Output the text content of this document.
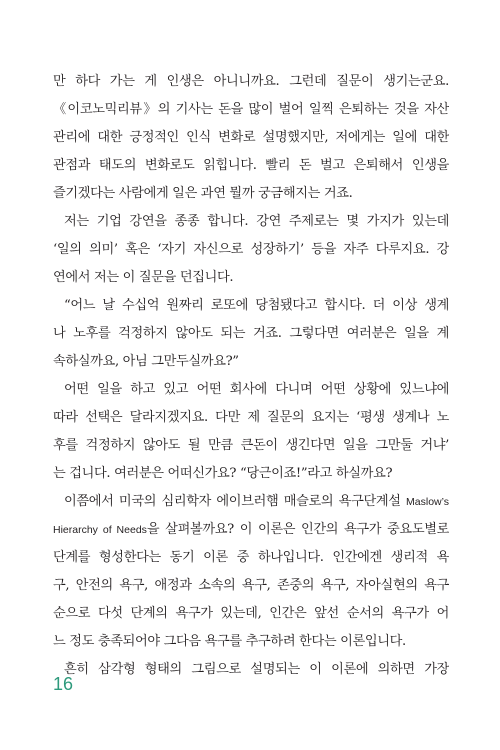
만 하다 가는 게 인생은 아니니까요. 그런데 질문이 생기는군요.
《이코노믹리뷰》의 기사는 돈을 많이 벌어 일찍 은퇴하는 것을 자산
관리에 대한 긍정적인 인식 변화로 설명했지만, 저에게는 일에 대한
관점과 태도의 변화로도 읽힙니다. 빨리 돈 벌고 은퇴해서 인생을
즐기겠다는 사람에게 일은 과연 뭘까 궁금해지는 거죠.
저는 기업 강연을 종종 합니다. 강연 주제로는 몇 가지가 있는데
‘일의 의미’ 혹은 ‘자기 자신으로 성장하기’ 등을 자주 다루지요. 강
연에서 저는 이 질문을 던집니다.
“어느 날 수십억 원짜리 로또에 당첨됐다고 합시다. 더 이상 생계
나 노후를 걱정하지 않아도 되는 거죠. 그렇다면 여러분은 일을 계
속하실까요, 아님 그만두실까요?”
어떤 일을 하고 있고 어떤 회사에 다니며 어떤 상황에 있느냐에
따라 선택은 달라지겠지요. 다만 제 질문의 요지는 ‘평생 생계나 노
후를 걱정하지 않아도 될 만큼 큰돈이 생긴다면 일을 그만둘 거냐’
는 겁니다. 여러분은 어떠신가요? “당근이죠!”라고 하실까요?
이쯤에서 미국의 심리학자 에이브러햄 매슬로의 욕구단계설 Maslow’s
Hierarchy of Needs을 살펴볼까요? 이 이론은 인간의 욕구가 중요도별로
단계를 형성한다는 동기 이론 중 하나입니다. 인간에겐 생리적 욕
구, 안전의 욕구, 애정과 소속의 욕구, 존중의 욕구, 자아실현의 욕구
순으로 다섯 단계의 욕구가 있는데, 인간은 앞선 순서의 욕구가 어
느 정도 충족되어야 그다음 욕구를 추구하려 한다는 이론입니다.
흔히 삼각형 형태의 그림으로 설명되는 이 이론에 의하면 가장
16
